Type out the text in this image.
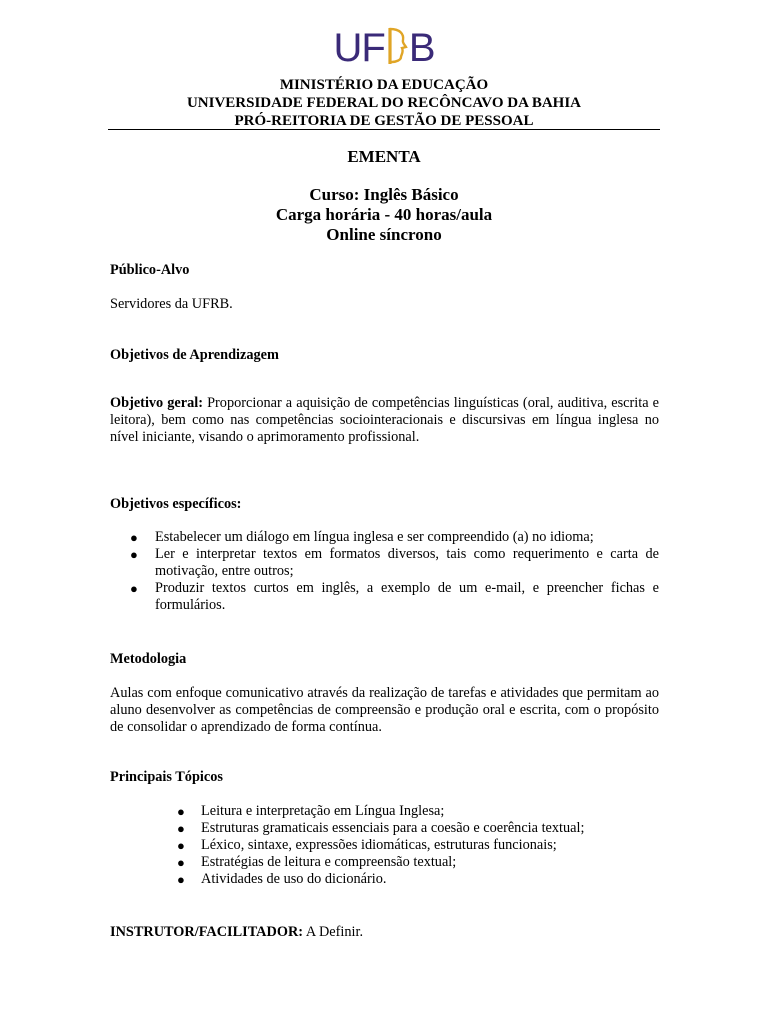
UF B
MINISTÉRIO DA EDUCAÇÃO
UNIVERSIDADE FEDERAL DO RECÔNCAVO DA BAHIA
PRÓ-REITORIA DE GESTÃO DE PESSOAL
EMENTA
Curso: Inglês Básico
Carga horária - 40 horas/aula
Online síncrono
Público-Alvo
Servidores da UFRB.
Objetivos de Aprendizagem
Objetivo geral: Proporcionar a aquisição de competências linguísticas (oral, auditiva, escrita e leitora), bem como nas competências sociointeracionais e discursivas em língua inglesa no nível iniciante, visando o aprimoramento profissional.
Objetivos específicos:
● Estabelecer um diálogo em língua inglesa e ser compreendido (a) no idioma;
● Ler e interpretar textos em formatos diversos, tais como requerimento e carta de motivação, entre outros;
● Produzir textos curtos em inglês, a exemplo de um e-mail, e preencher fichas e formulários.
Metodologia
Aulas com enfoque comunicativo através da realização de tarefas e atividades que permitam ao aluno desenvolver as competências de compreensão e produção oral e escrita, com o propósito de consolidar o aprendizado de forma contínua.
Principais Tópicos
● Leitura e interpretação em Língua Inglesa;
● Estruturas gramaticais essenciais para a coesão e coerência textual;
● Léxico, sintaxe, expressões idiomáticas, estruturas funcionais;
● Estratégias de leitura e compreensão textual;
● Atividades de uso do dicionário.
INSTRUTOR/FACILITADOR: A Definir.
